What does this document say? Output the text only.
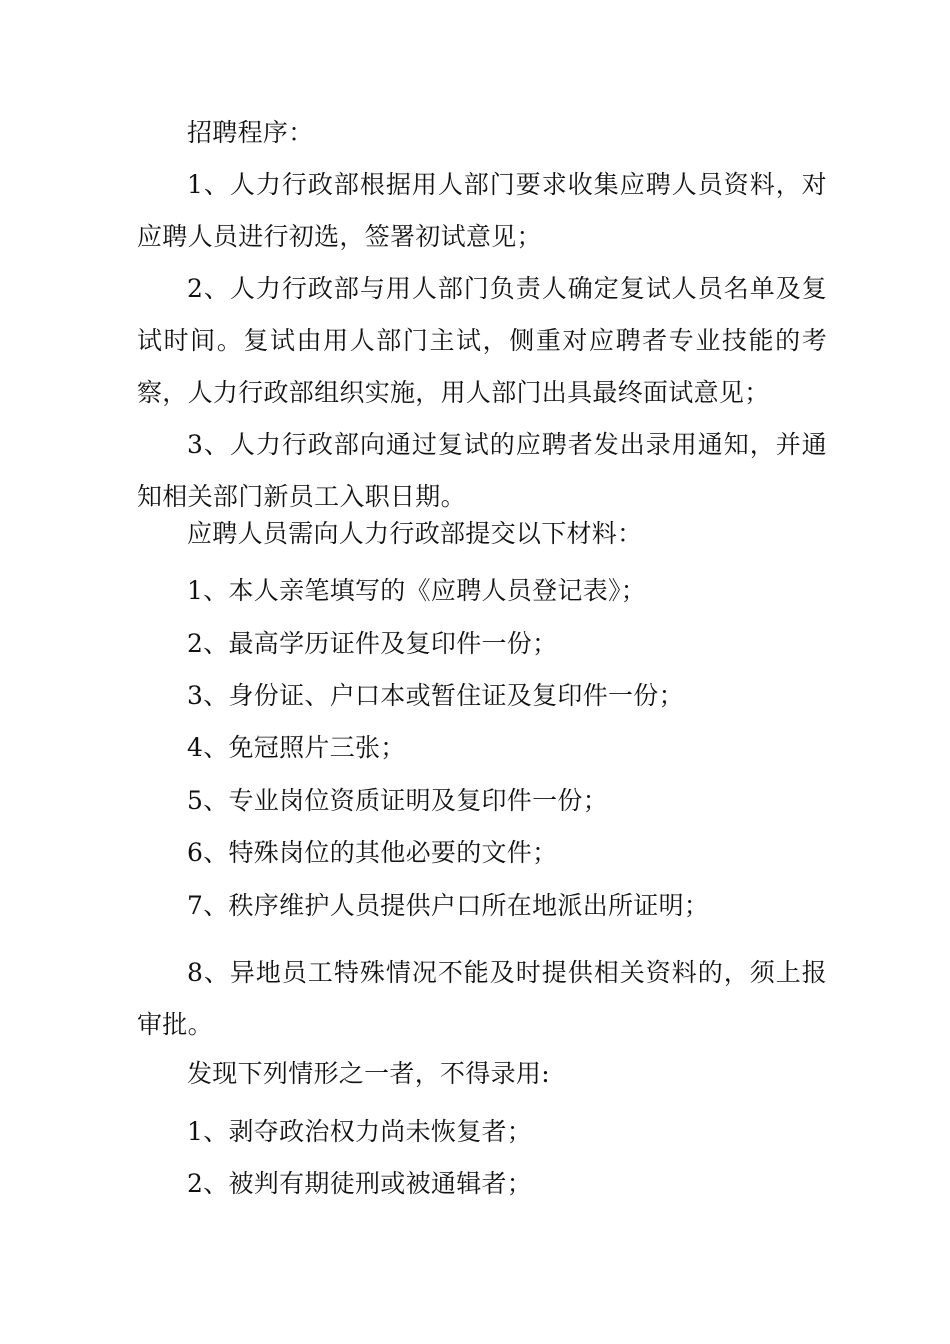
招聘程序：

1、人力行政部根据用人部门要求收集应聘人员资料，对应聘人员进行初选，签署初试意见；

2、人力行政部与用人部门负责人确定复试人员名单及复试时间。复试由用人部门主试，侧重对应聘者专业技能的考察，人力行政部组织实施，用人部门出具最终面试意见；

3、人力行政部向通过复试的应聘者发出录用通知，并通知相关部门新员工入职日期。

应聘人员需向人力行政部提交以下材料：

1、本人亲笔填写的《应聘人员登记表》；

2、最高学历证件及复印件一份；

3、身份证、户口本或暂住证及复印件一份；

4、免冠照片三张；

5、专业岗位资质证明及复印件一份；

6、特殊岗位的其他必要的文件；

7、秩序维护人员提供户口所在地派出所证明；

8、异地员工特殊情况不能及时提供相关资料的，须上报审批。

发现下列情形之一者，不得录用:

1、剥夺政治权力尚未恢复者；

2、被判有期徒刑或被通辑者；
